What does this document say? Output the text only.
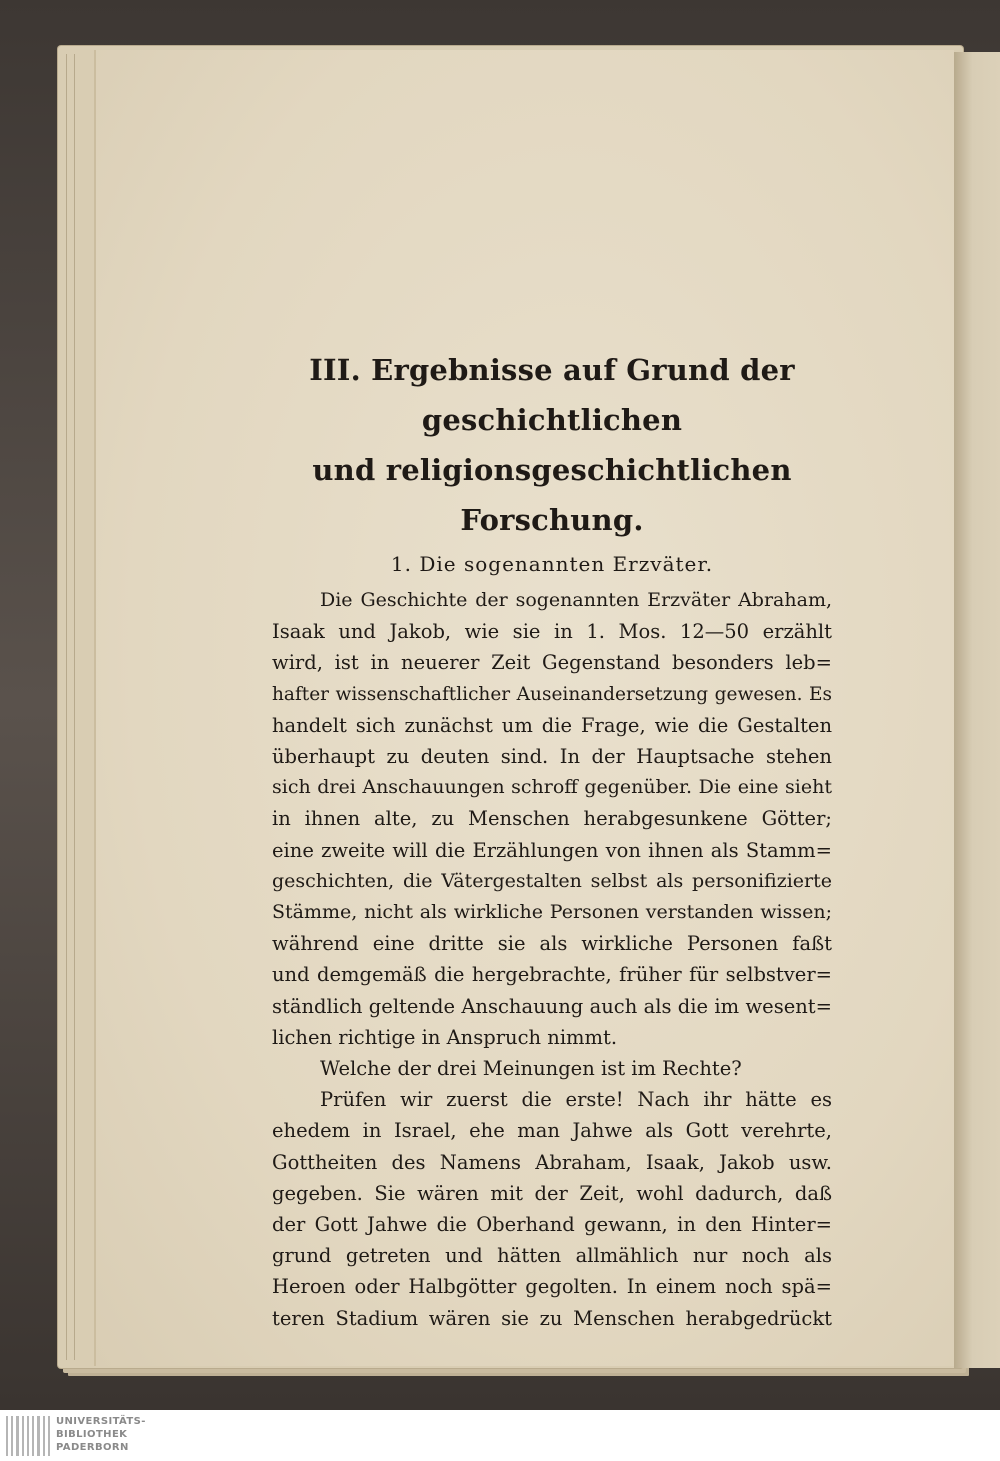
III. Ergebnisse auf Grund der geschichtlichen
und religionsgeschichtlichen Forschung.
1. Die sogenannten Erzväter.
Die Geschichte der sogenannten Erzväter Abraham,
Isaak und Jakob, wie sie in 1. Mos. 12—50 erzählt
wird, ist in neuerer Zeit Gegenstand besonders leb=
hafter wissenschaftlicher Auseinandersetzung gewesen. Es
handelt sich zunächst um die Frage, wie die Gestalten
überhaupt zu deuten sind. In der Hauptsache stehen
sich drei Anschauungen schroff gegenüber. Die eine sieht
in ihnen alte, zu Menschen herabgesunkene Götter;
eine zweite will die Erzählungen von ihnen als Stamm=
geschichten, die Vätergestalten selbst als personifizierte
Stämme, nicht als wirkliche Personen verstanden wissen;
während eine dritte sie als wirkliche Personen faßt
und demgemäß die hergebrachte, früher für selbstver=
ständlich geltende Anschauung auch als die im wesent=
lichen richtige in Anspruch nimmt.
Welche der drei Meinungen ist im Rechte?
Prüfen wir zuerst die erste! Nach ihr hätte es
ehedem in Israel, ehe man Jahwe als Gott verehrte,
Gottheiten des Namens Abraham, Isaak, Jakob usw.
gegeben. Sie wären mit der Zeit, wohl dadurch, daß
der Gott Jahwe die Oberhand gewann, in den Hinter=
grund getreten und hätten allmählich nur noch als
Heroen oder Halbgötter gegolten. In einem noch spä=
teren Stadium wären sie zu Menschen herabgedrückt
UNIVERSITÄTS-
BIBLIOTHEK
PADERBORN
